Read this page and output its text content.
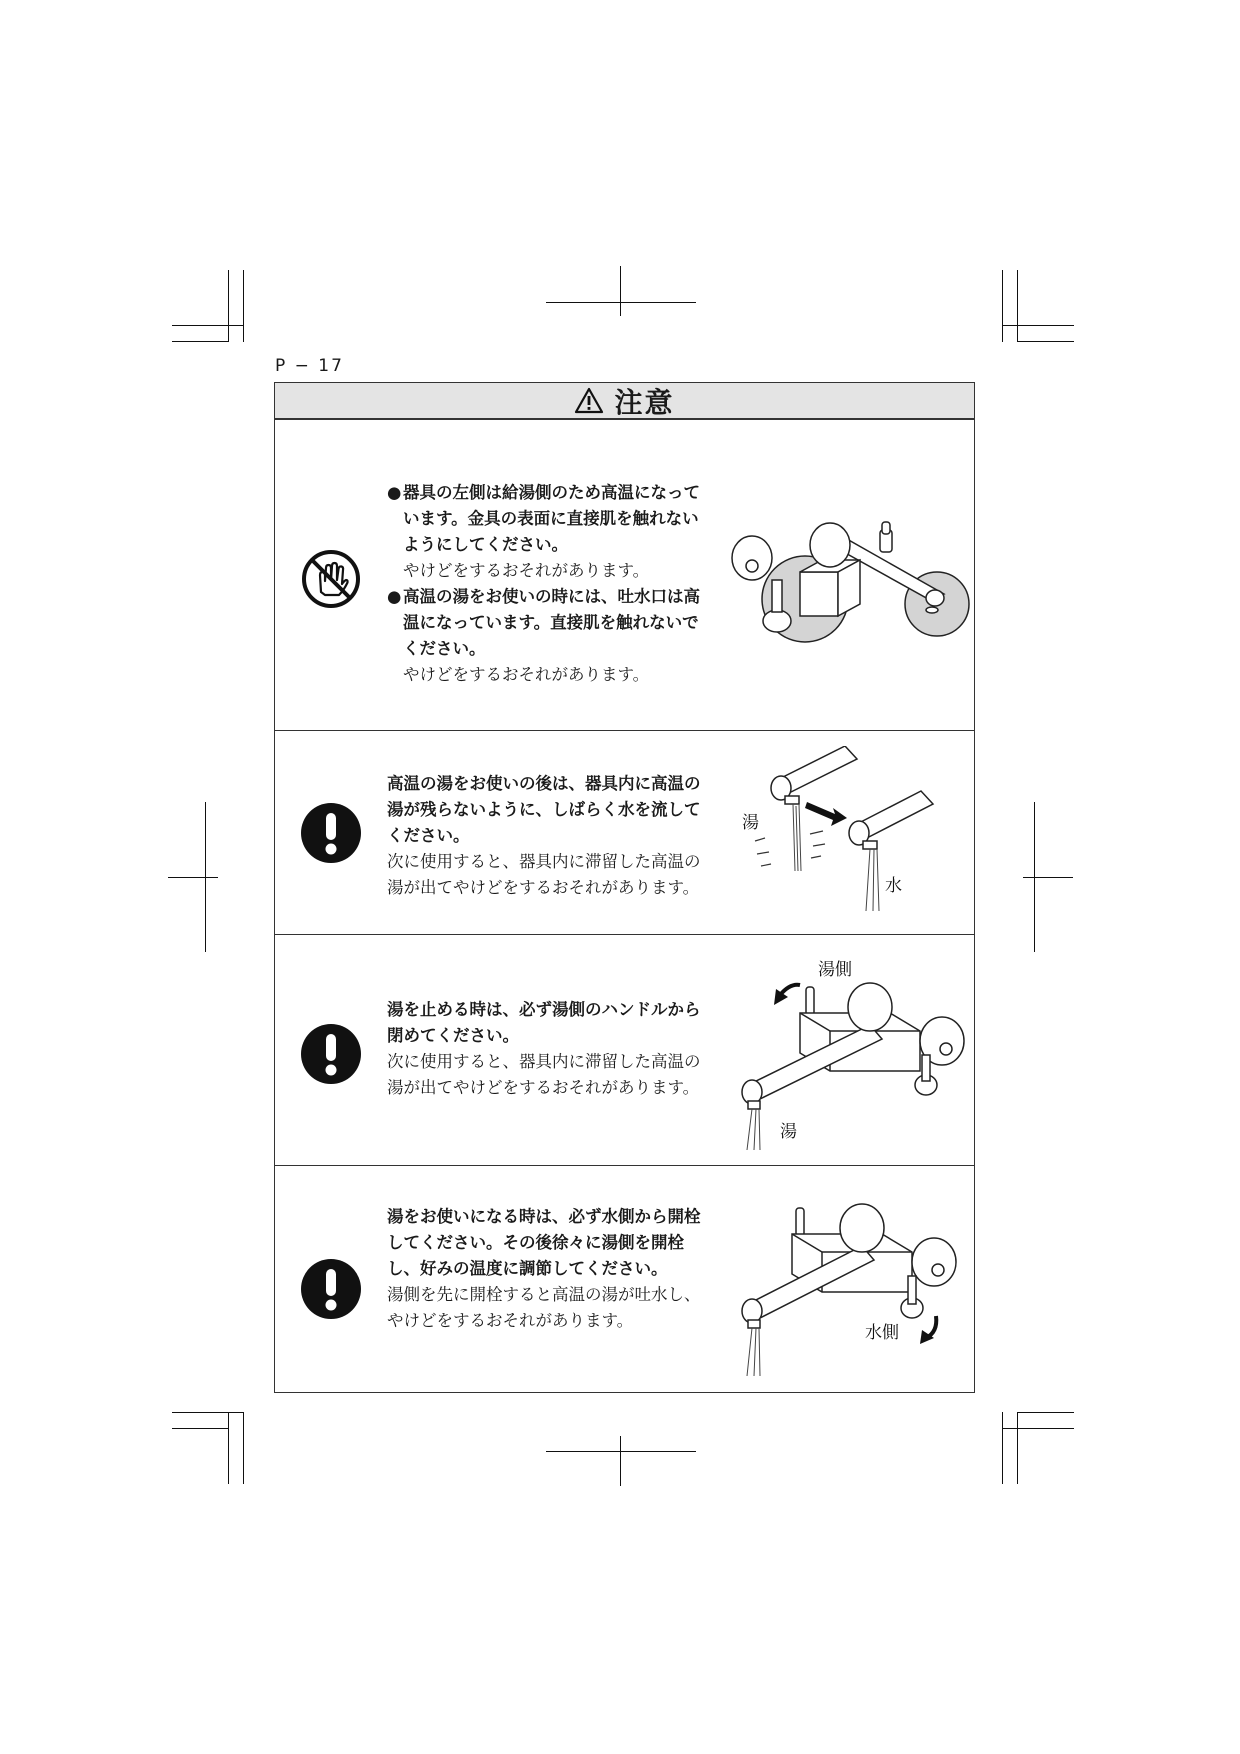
P − 17
注意
● 器具の左側は給湯側のため高温になっています。金具の表面に直接肌を触れないようにしてください。
やけどをするおそれがあります。
● 高温の湯をお使いの時には、吐水口は高温になっています。直接肌を触れないでください。
やけどをするおそれがあります。
高温の湯をお使いの後は、器具内に高温の湯が残らないように、しばらく水を流してください。
次に使用すると、器具内に滞留した高温の湯が出てやけどをするおそれがあります。
湯
水
湯を止める時は、必ず湯側のハンドルから閉めてください。
次に使用すると、器具内に滞留した高温の湯が出てやけどをするおそれがあります。
湯側
湯
湯をお使いになる時は、必ず水側から開栓してください。その後徐々に湯側を開栓し、好みの温度に調節してください。
湯側を先に開栓すると高温の湯が吐水し、やけどをするおそれがあります。
水側
